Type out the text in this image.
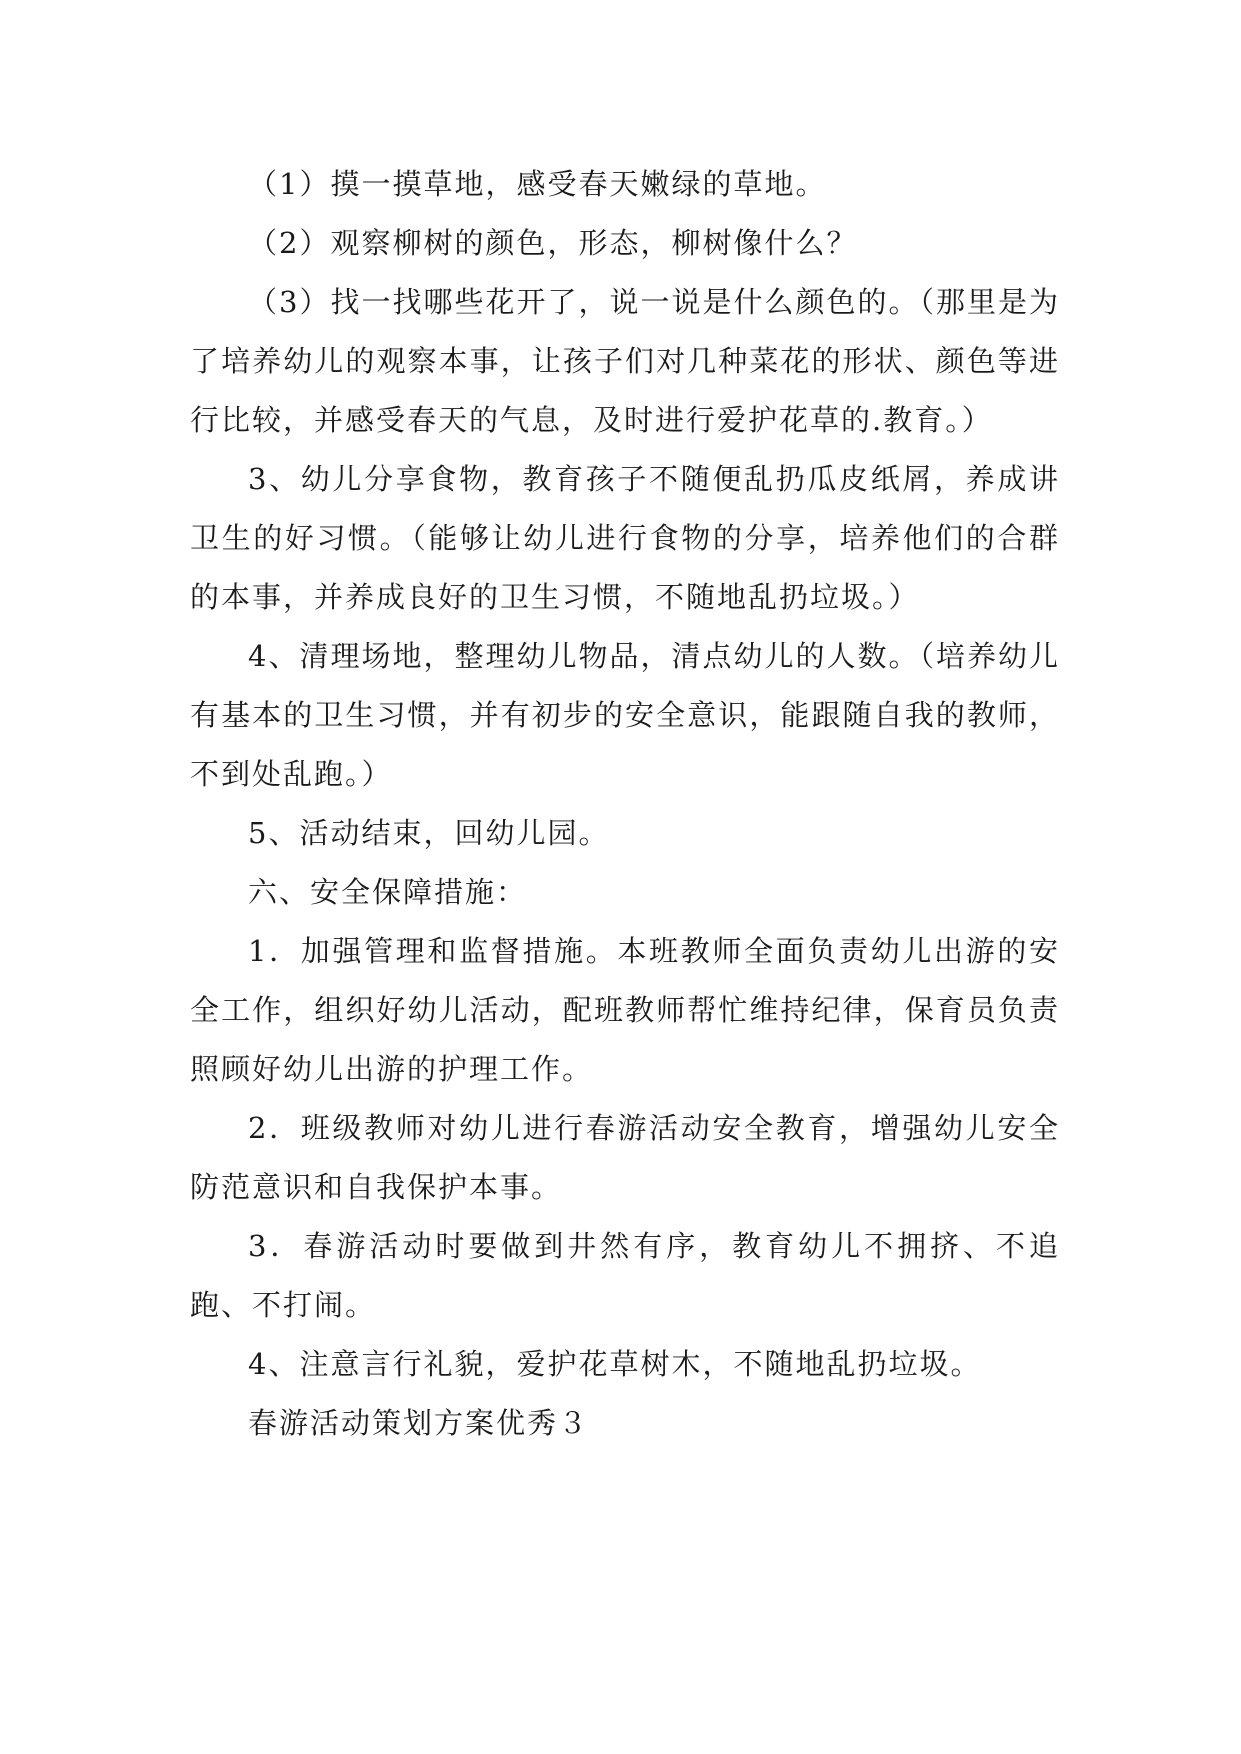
（1）摸一摸草地，感受春天嫩绿的草地。

（2）观察柳树的颜色，形态，柳树像什么？

（3）找一找哪些花开了，说一说是什么颜色的。（那里是为了培养幼儿的观察本事，让孩子们对几种菜花的形状、颜色等进行比较，并感受春天的气息，及时进行爱护花草的.教育。）

3、幼儿分享食物，教育孩子不随便乱扔瓜皮纸屑，养成讲卫生的好习惯。（能够让幼儿进行食物的分享，培养他们的合群的本事，并养成良好的卫生习惯，不随地乱扔垃圾。）

4、清理场地，整理幼儿物品，清点幼儿的人数。（培养幼儿有基本的卫生习惯，并有初步的安全意识，能跟随自我的教师，不到处乱跑。）

5、活动结束，回幼儿园。

六、安全保障措施：

1．加强管理和监督措施。本班教师全面负责幼儿出游的安全工作，组织好幼儿活动，配班教师帮忙维持纪律，保育员负责照顾好幼儿出游的护理工作。

2．班级教师对幼儿进行春游活动安全教育，增强幼儿安全防范意识和自我保护本事。

3．春游活动时要做到井然有序，教育幼儿不拥挤、不追跑、不打闹。

4、注意言行礼貌，爱护花草树木，不随地乱扔垃圾。

春游活动策划方案优秀３
